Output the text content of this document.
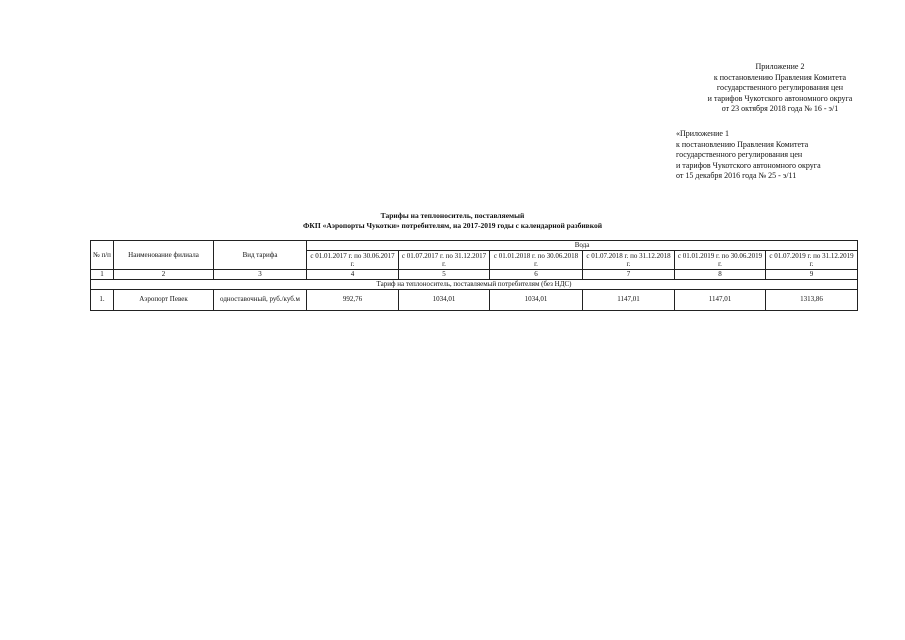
Приложение 2
к постановлению Правления Комитета
государственного регулирования цен
и тарифов Чукотского автономного округа
от 23 октября 2018 года № 16 - э/1
«Приложение 1
к постановлению Правления Комитета
государственного регулирования цен
и тарифов Чукотского автономного округа
от 15 декабря 2016 года № 25 - э/11
Тарифы на теплоноситель, поставляемый
ФКП «Аэропорты Чукотки» потребителям, на 2017-2019 годы с календарной разбивкой
№ п/п	Наименование филиала	Вид тарифа	Вода					
			с 01.01.2017 г. по 30.06.2017 г.	с 01.07.2017 г. по 31.12.2017 г.	с 01.01.2018 г. по 30.06.2018 г.	с 01.07.2018 г. по 31.12.2018 г.	с 01.01.2019 г. по 30.06.2019 г.	с 01.07.2019 г. по 31.12.2019 г.
1	2	3	4	5	6	7	8	9
Тариф на теплоноситель, поставляемый потребителям (без НДС)								
1.	Аэропорт Певек	одноставочный, руб./куб.м	992,76	1034,01	1034,01	1147,01	1147,01	1313,86
